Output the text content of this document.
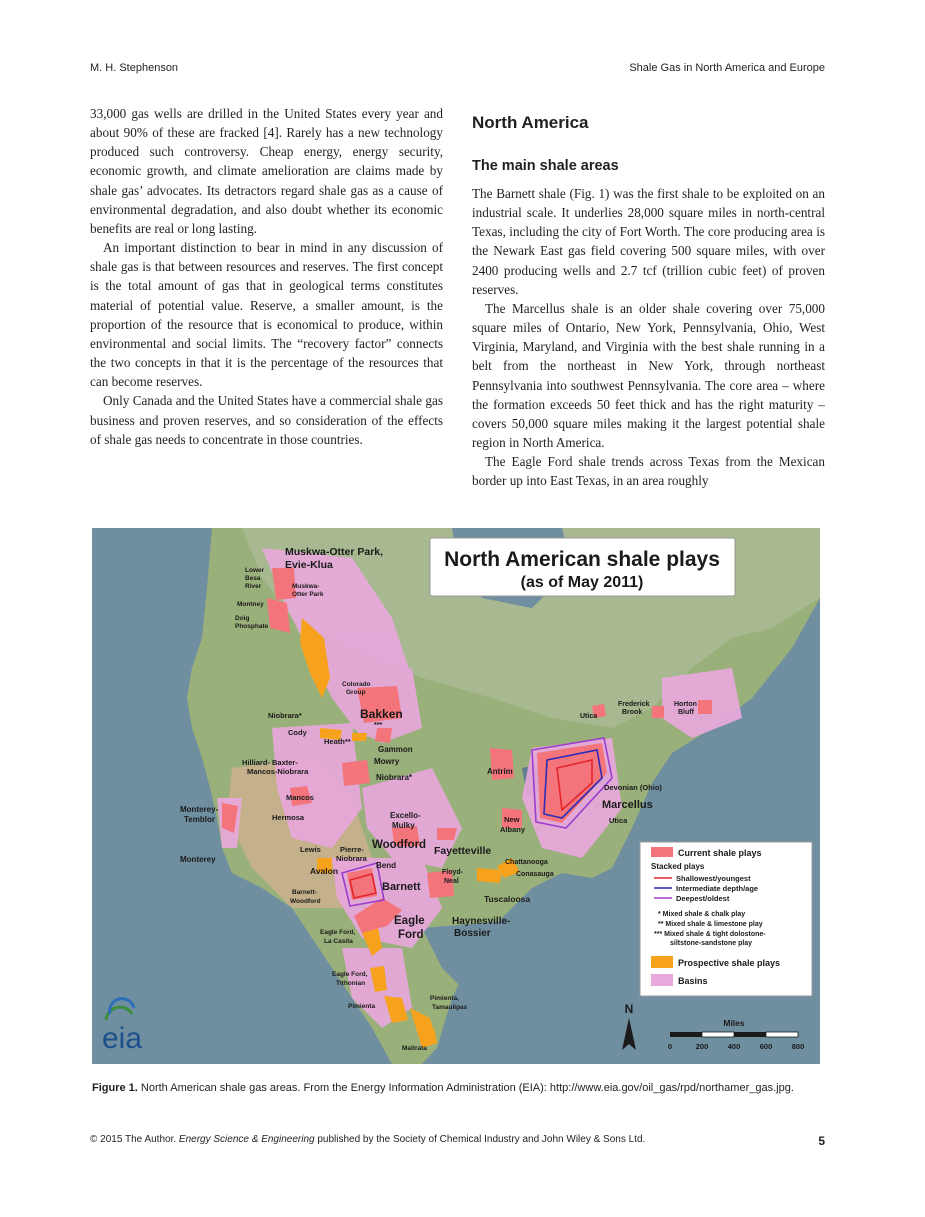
M. H. Stephenson	Shale Gas in North America and Europe

33,000 gas wells are drilled in the United States every year and about 90% of these are fracked [4]. Rarely has a new technology produced such controversy. Cheap energy, energy security, economic growth, and climate amelioration are claims made by shale gas’ advocates. Its detractors regard shale gas as a cause of environmental degradation, and also doubt whether its economic benefits are real or long lasting.

An important distinction to bear in mind in any discussion of shale gas is that between resources and reserves. The first concept is the total amount of gas that in geological terms constitutes material of potential value. Reserve, a smaller amount, is the proportion of the resource that is economical to produce, within environmental and social limits. The “recovery factor” connects the two concepts in that it is the percentage of the resources that can become reserves.

Only Canada and the United States have a commercial shale gas business and proven reserves, and so consideration of the effects of shale gas needs to concentrate in those countries.

North America
The main shale areas

The Barnett shale (Fig. 1) was the first shale to be exploited on an industrial scale. It underlies 28,000 square miles in north-central Texas, including the city of Fort Worth. The core producing area is the Newark East gas field covering 500 square miles, with over 2400 producing wells and 2.7 tcf (trillion cubic feet) of proven reserves.

The Marcellus shale is an older shale covering over 75,000 square miles of Ontario, New York, Pennsylvania, Ohio, West Virginia, Maryland, and Virginia with the best shale running in a belt from the northeast in New York, through northeast Pennsylvania into southwest Pennsylvania. The core area – where the formation exceeds 50 feet thick and has the right maturity – covers 50,000 square miles making it the largest potential shale region in North America.

The Eagle Ford shale trends across Texas from the Mexican border up into East Texas, in an area roughly

North American shale plays
(as of May 2011)
Muskwa-Otter Park,
Evie-Klua
Lower
Besa
River	Muskwa-
Otter Park
Montney
Doig
Phosphate
Colorado
Group
Niobrara*	Bakken
***
Cody
Heath**
Gammon
Hilliard- Baxter-
Mancos-Niobrara
Mowry
Niobrara*
Mancos
Hermosa
Monterey-
Temblor
Monterey
Lewis
Excello-
Mulky
Pierre-
Niobrara
Woodford
Bend
Avalon
Barnett-
Woodford
Barnett
Fayetteville
Floyd-
Neal
Chattanooga
Conasauga
Tuscaloosa
Haynesville-
Bossier
Eagle
Ford
Eagle Ford,
La Casita
Eagle Ford,
Tithonian
Pimienta
Pimienta,
Tamaulipas
Maltrata
Antrim
New
Albany
Devonian (Ohio)
Marcellus
Utica
Utica
Frederick
Brook
Horton
Bluff
Current shale plays
Stacked plays
Shallowest/youngest
Intermediate depth/age
Deepest/oldest
* Mixed shale & chalk play
** Mixed shale & limestone play
*** Mixed shale & tight dolostone-
siltstone-sandstone play
Prospective shale plays
Basins
N
Miles
0	200	400	600	800
eia
Figure 1. North American shale gas areas. From the Energy Information Administration (EIA): http://www.eia.gov/oil_gas/rpd/northamer_gas.jpg.
© 2015 The Author. Energy Science & Engineering published by the Society of Chemical Industry and John Wiley & Sons Ltd.	5
